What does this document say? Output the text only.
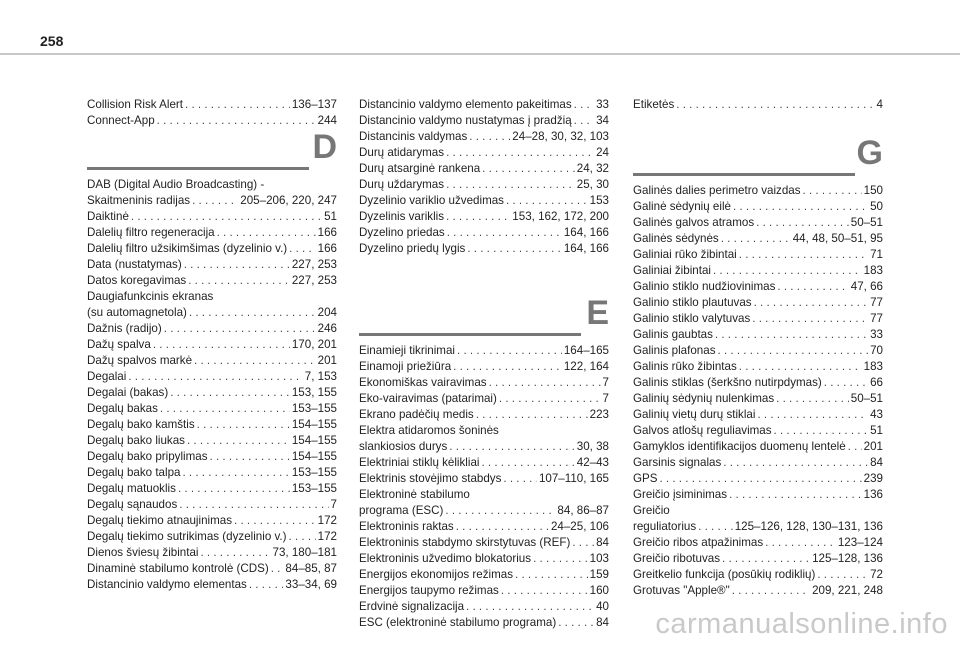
258
Collision Risk Alert . . .	136–137
Connect-App . . .	244
D
DAB (Digital Audio Broadcasting) -
Skaitmeninis radijas . . .	205–206, 220, 247
Daiktinė . . .	51
Dalelių filtro regeneracija . . .	166
Dalelių filtro užsikimšimas (dyzelinio v.) . . .	166
Data (nustatymas) . . .	227, 253
Datos koregavimas . . .	227, 253
Daugiafunkcinis ekranas
(su automagnetola) . . .	204
Dažnis (radijo) . . .	246
Dažų spalva . . .	170, 201
Dažų spalvos markė . . .	201
Degalai . . .	7, 153
Degalai (bakas) . . .	153, 155
Degalų bakas . . .	153–155
Degalų bako kamštis . . .	154–155
Degalų bako liukas . . .	154–155
Degalų bako pripylimas . . .	154–155
Degalų bako talpa . . .	153–155
Degalų matuoklis . . .	153–155
Degalų sąnaudos . . .	7
Degalų tiekimo atnaujinimas . . .	172
Degalų tiekimo sutrikimas (dyzelinio v.) . . .	172
Dienos šviesų žibintai . . .	73, 180–181
Dinaminė stabilumo kontrolė (CDS) . . . 84–85, 87
Distancinio valdymo elementas . . .	33–34, 69
Distancinio valdymo elemento pakeitimas . . . 33
Distancinio valdymo nustatymas į pradžią . . . 34
Distancinis valdymas . . .	24–28, 30, 32, 103
Durų atidarymas . . .	24
Durų atsarginė rankena . . .	24, 32
Durų uždarymas . . .	25, 30
Dyzelinio variklio užvedimas . . .	153
Dyzelinis variklis . . .	153, 162, 172, 200
Dyzelino priedas . . .	164, 166
Dyzelino priedų lygis . . .	164, 166
E
Einamieji tikrinimai . . .	164–165
Einamoji priežiūra . . .	122, 164
Ekonomiškas vairavimas . . .	7
Eko-vairavimas (patarimai) . . .	7
Ekrano padėčių medis . . .	223
Elektra atidaromos šoninės
slankiosios durys . . .	30, 38
Elektriniai stiklų kėlikliai . . .	42–43
Elektrinis stovėjimo stabdys . . .	107–110, 165
Elektroninė stabilumo
programa (ESC) . . .	84, 86–87
Elektroninis raktas . . .	24–25, 106
Elektroninis stabdymo skirstytuvas (REF) . . . 84
Elektroninis užvedimo blokatorius . . .	103
Energijos ekonomijos režimas . . .	159
Energijos taupymo režimas . . .	160
Erdvinė signalizacija . . .	40
ESC (elektroninė stabilumo programa) . . .	84
Etiketės . . .	4
G
Galinės dalies perimetro vaizdas . . .	150
Galinė sėdynių eilė . . .	50
Galinės galvos atramos . . .	50–51
Galinės sėdynės . . .	44, 48, 50–51, 95
Galiniai rūko žibintai . . .	71
Galiniai žibintai . . .	183
Galinio stiklo nudžiovinimas . . .	47, 66
Galinio stiklo plautuvas . . .	77
Galinio stiklo valytuvas . . .	77
Galinis gaubtas . . .	33
Galinis plafonas . . .	70
Galinis rūko žibintas . . .	183
Galinis stiklas (šerkšno nutirpdymas) . . .	66
Galinių sėdynių nulenkimas . . .	50–51
Galinių vietų durų stiklai . . .	43
Galvos atlošų reguliavimas . . .	51
Gamyklos identifikacijos duomenų lentelė . . . 201
Garsinis signalas . . .	84
GPS . . .	239
Greičio įsiminimas . . .	136
Greičio
reguliatorius . . .	125–126, 128, 130–131, 136
Greičio ribos atpažinimas . . .	123–124
Greičio ribotuvas . . .	125–128, 136
Greitkelio funkcija (posūkių rodiklių) . . .	72
Grotuvas "Apple®" . . .	209, 221, 248
carmanualsonline.info
